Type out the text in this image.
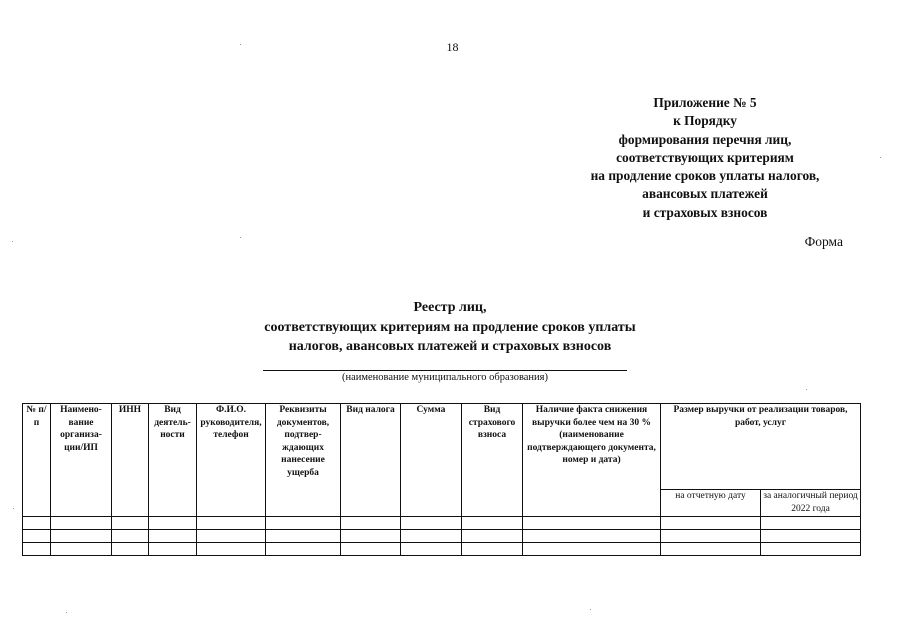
18
Приложение № 5
к Порядку
формирования перечня лиц,
соответствующих критериям
на продление сроков уплаты налогов,
авансовых платежей
и страховых взносов
Форма
Реестр лиц,
соответствующих критериям на продление сроков уплаты
налогов, авансовых платежей и страховых взносов
(наименование муниципального образования)
№ п/п	Наимено-вание организа-ции/ИП	ИНН	Вид деятель-ности	Ф.И.О. руководителя, телефон	Реквизиты документов, подтвер-ждающих нанесение ущерба	Вид налога	Сумма	Вид страхового взноса	Наличие факта снижения выручки более чем на 30 % (наименование подтверждающего документа, номер и дата)	Размер выручки от реализации товаров, работ, услуг	
										на отчетную дату	за аналогичный период 2022 года
